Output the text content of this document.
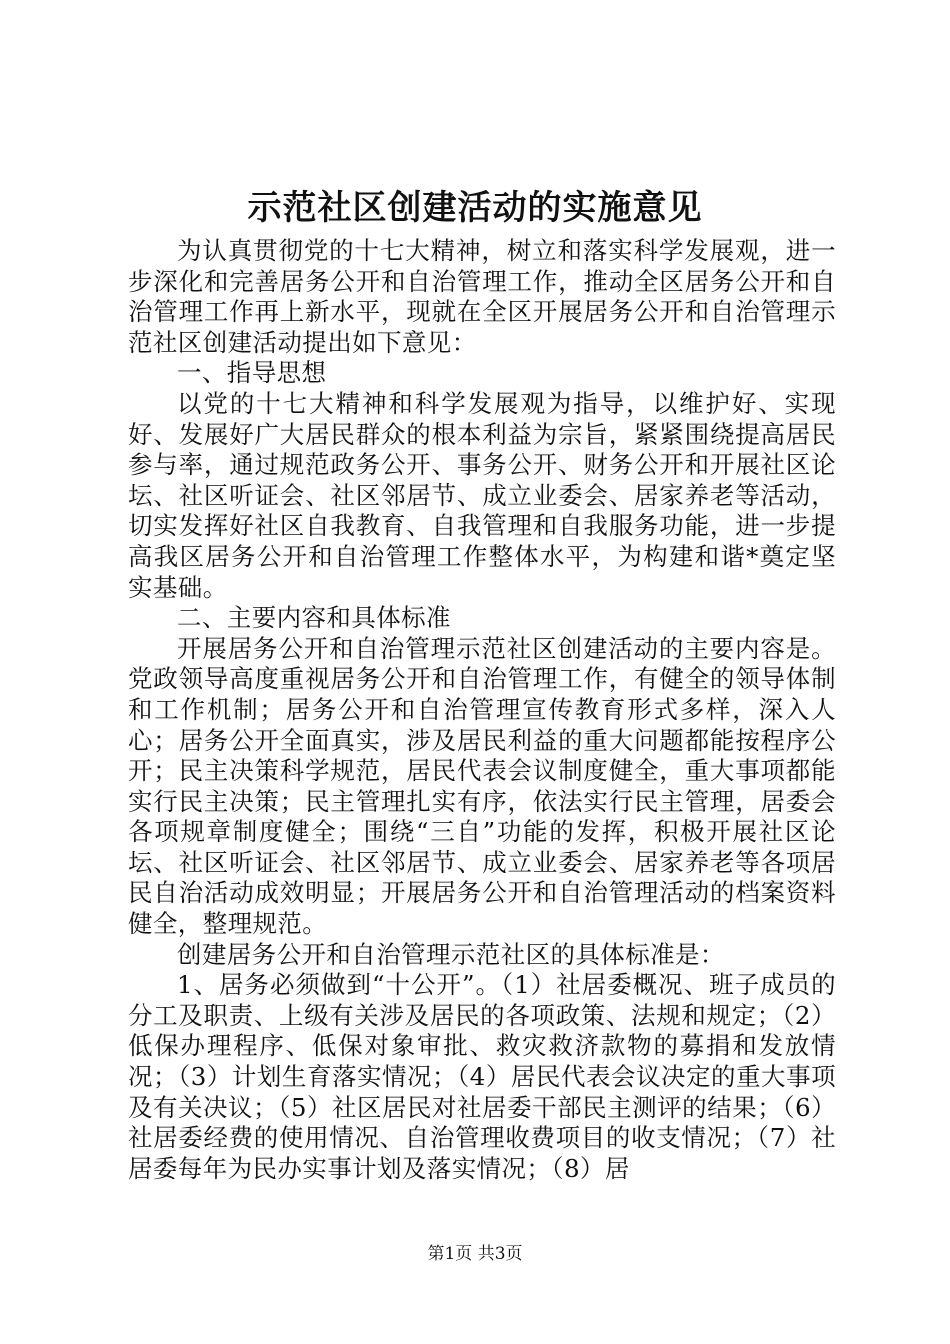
示范社区创建活动的实施意见

为认真贯彻党的十七大精神，树立和落实科学发展观，进一步深化和完善居务公开和自治管理工作，推动全区居务公开和自治管理工作再上新水平，现就在全区开展居务公开和自治管理示范社区创建活动提出如下意见：

一、指导思想

以党的十七大精神和科学发展观为指导，以维护好、实现好、发展好广大居民群众的根本利益为宗旨，紧紧围绕提高居民参与率，通过规范政务公开、事务公开、财务公开和开展社区论坛、社区听证会、社区邻居节、成立业委会、居家养老等活动，切实发挥好社区自我教育、自我管理和自我服务功能，进一步提高我区居务公开和自治管理工作整体水平，为构建和谐*奠定坚实基础。

二、主要内容和具体标准

开展居务公开和自治管理示范社区创建活动的主要内容是。党政领导高度重视居务公开和自治管理工作，有健全的领导体制和工作机制；居务公开和自治管理宣传教育形式多样，深入人心；居务公开全面真实，涉及居民利益的重大问题都能按程序公开；民主决策科学规范，居民代表会议制度健全，重大事项都能实行民主决策；民主管理扎实有序，依法实行民主管理，居委会各项规章制度健全；围绕“三自”功能的发挥，积极开展社区论坛、社区听证会、社区邻居节、成立业委会、居家养老等各项居民自治活动成效明显；开展居务公开和自治管理活动的档案资料健全，整理规范。

创建居务公开和自治管理示范社区的具体标准是：

1、居务必须做到“十公开”。（1）社居委概况、班子成员的分工及职责、上级有关涉及居民的各项政策、法规和规定；（2）低保办理程序、低保对象审批、救灾救济款物的募捐和发放情况；（3）计划生育落实情况；（4）居民代表会议决定的重大事项及有关决议；（5）社区居民对社居委干部民主测评的结果；（6）社居委经费的使用情况、自治管理收费项目的收支情况；（7）社居委每年为民办实事计划及落实情况；（8）居

第1页 共3页
